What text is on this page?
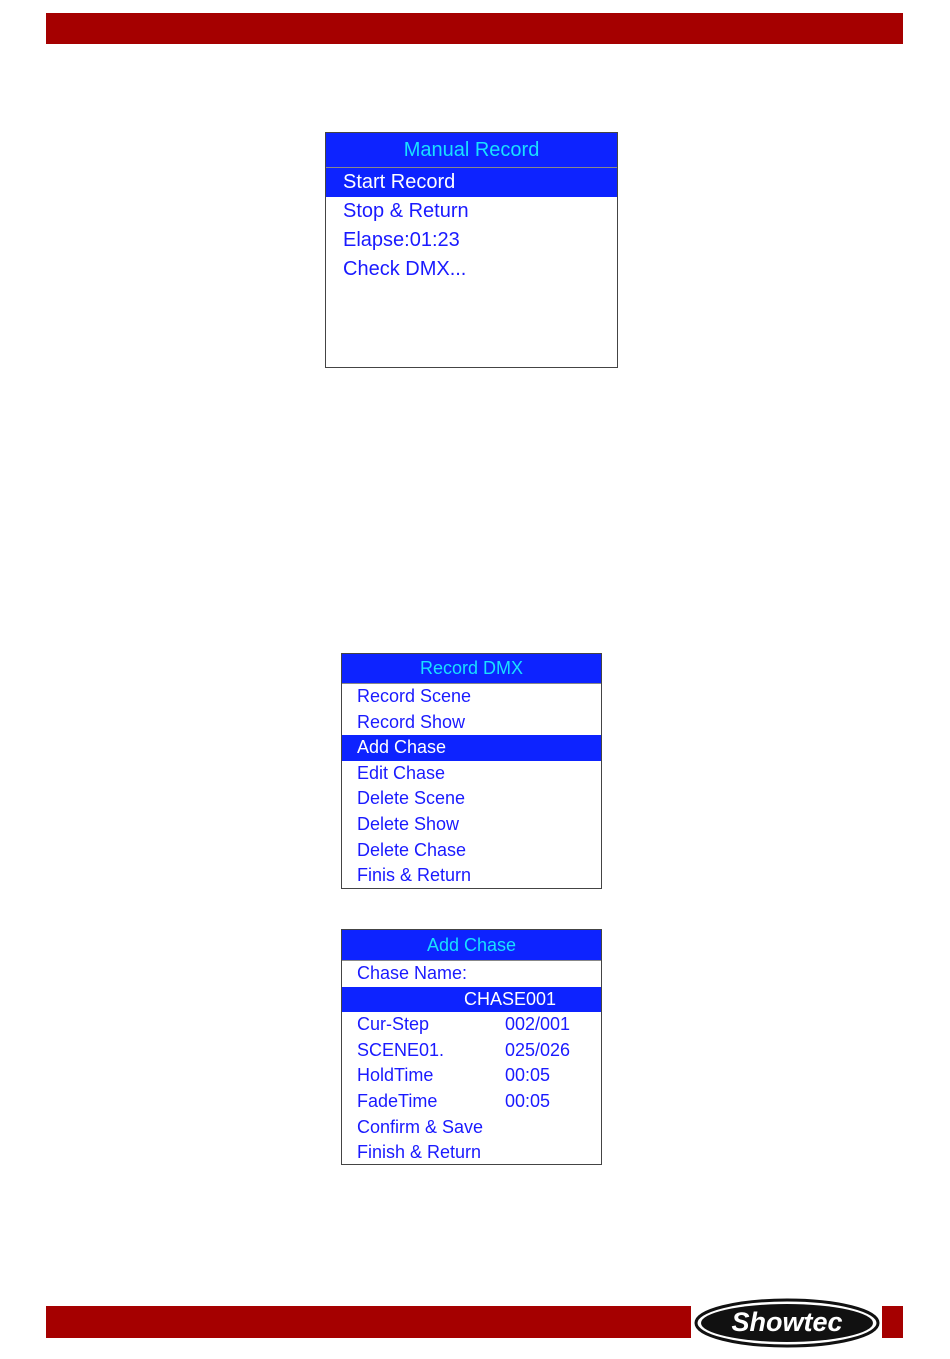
Manual Record
Start Record
Stop & Return
Elapse:01:23
Check DMX...
Record DMX
Record Scene
Record Show
Add Chase
Edit Chase
Delete Scene
Delete Show
Delete Chase
Finis & Return
Add Chase
Chase Name:
CHASE001
Cur-Step	002/001
SCENE01.	025/026
HoldTime	00:05
FadeTime	00:05
Confirm & Save
Finish & Return
Showtec
